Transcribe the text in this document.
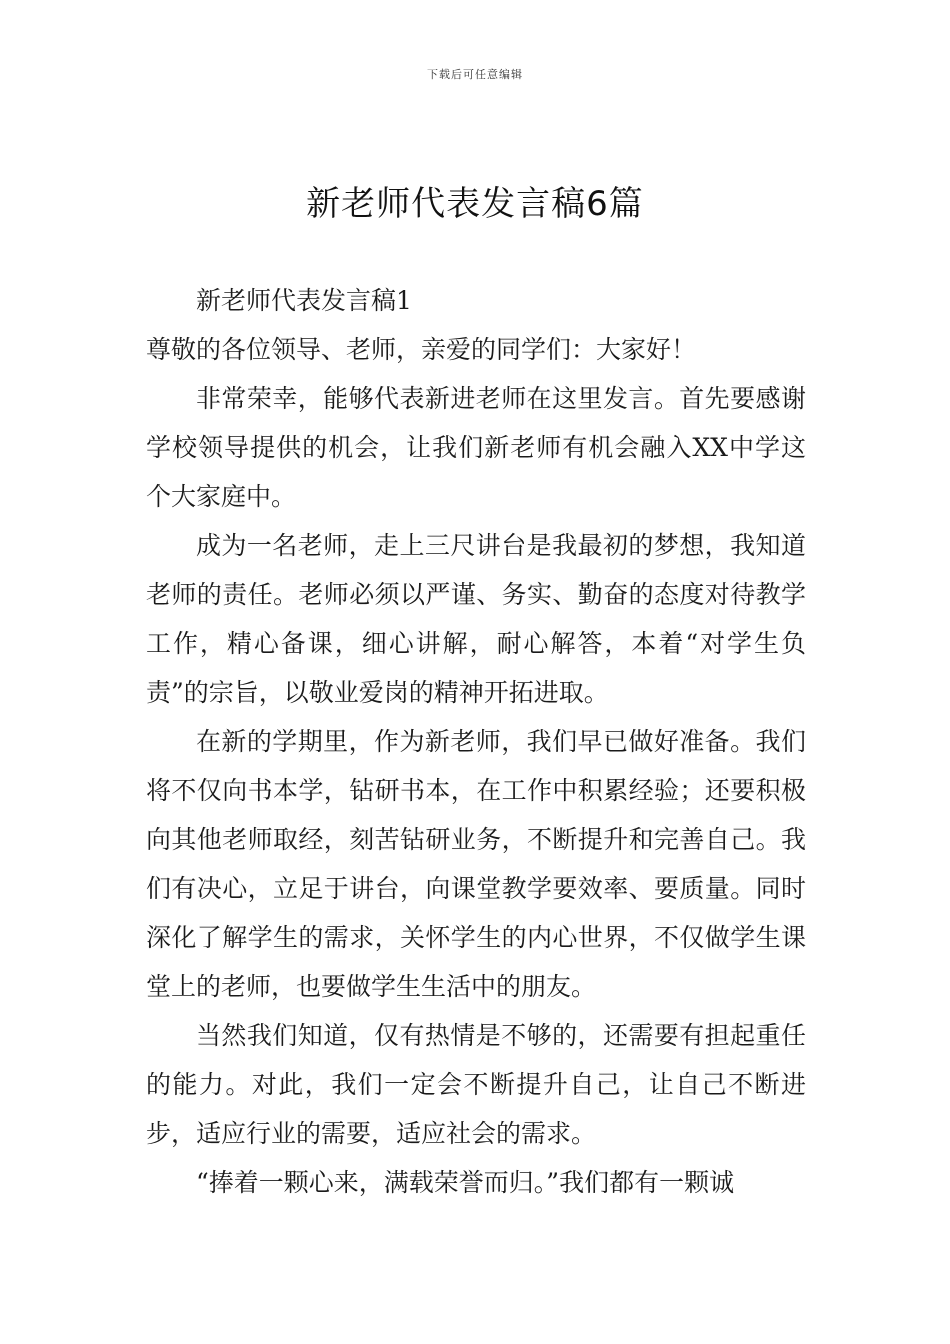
下载后可任意编辑
新老师代表发言稿6篇

新老师代表发言稿1

尊敬的各位领导、老师，亲爱的同学们：大家好！

非常荣幸，能够代表新进老师在这里发言。首先要感谢学校领导提供的机会，让我们新老师有机会融入XX中学这个大家庭中。

成为一名老师，走上三尺讲台是我最初的梦想，我知道老师的责任。老师必须以严谨、务实、勤奋的态度对待教学工作，精心备课，细心讲解，耐心解答，本着“对学生负责”的宗旨，以敬业爱岗的精神开拓进取。

在新的学期里，作为新老师，我们早已做好准备。我们将不仅向书本学，钻研书本，在工作中积累经验；还要积极向其他老师取经，刻苦钻研业务，不断提升和完善自己。我们有决心，立足于讲台，向课堂教学要效率、要质量。同时深化了解学生的需求，关怀学生的内心世界，不仅做学生课堂上的老师，也要做学生生活中的朋友。

当然我们知道，仅有热情是不够的，还需要有担起重任的能力。对此，我们一定会不断提升自己，让自己不断进步，适应行业的需要，适应社会的需求。

“捧着一颗心来，满载荣誉而归。”我们都有一颗诚
